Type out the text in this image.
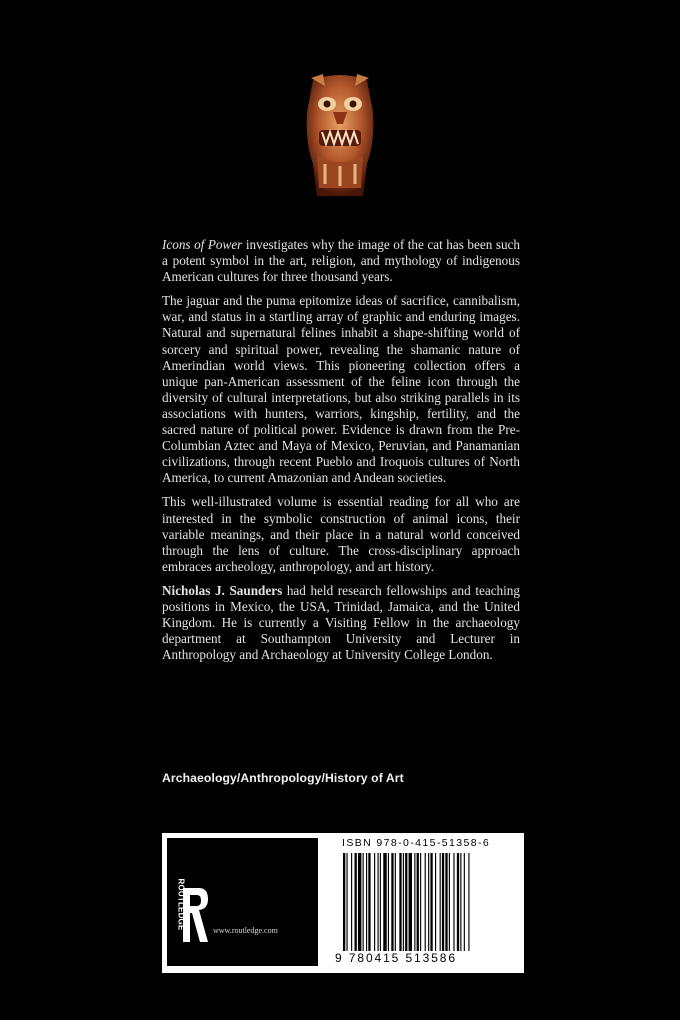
Icons of Power investigates why the image of the cat has been such a potent symbol in the art, religion, and mythology of indigenous American cultures for three thousand years.

The jaguar and the puma epitomize ideas of sacrifice, cannibalism, war, and status in a startling array of graphic and enduring images. Natural and supernatural felines inhabit a shape-shifting world of sorcery and spiritual power, revealing the shamanic nature of Amerindian world views. This pioneering collection offers a unique pan-American assessment of the feline icon through the diversity of cultural interpretations, but also striking parallels in its associations with hunters, warriors, kingship, fertility, and the sacred nature of political power. Evidence is drawn from the Pre-Columbian Aztec and Maya of Mexico, Peruvian, and Panamanian civilizations, through recent Pueblo and Iroquois cultures of North America, to current Amazonian and Andean societies.

This well-illustrated volume is essential reading for all who are interested in the symbolic construction of animal icons, their variable meanings, and their place in a natural world conceived through the lens of culture. The cross-disciplinary approach embraces archeology, anthropology, and art history.

Nicholas J. Saunders had held research fellowships and teaching positions in Mexico, the USA, Trinidad, Jamaica, and the United Kingdom. He is currently a Visiting Fellow in the archaeology department at Southampton University and Lecturer in Anthropology and Archaeology at University College London.

Archaeology/Anthropology/History of Art
ROUTLEDGE	www.routledge.com
ISBN 978-0-415-51358-6
9 780415 513586
